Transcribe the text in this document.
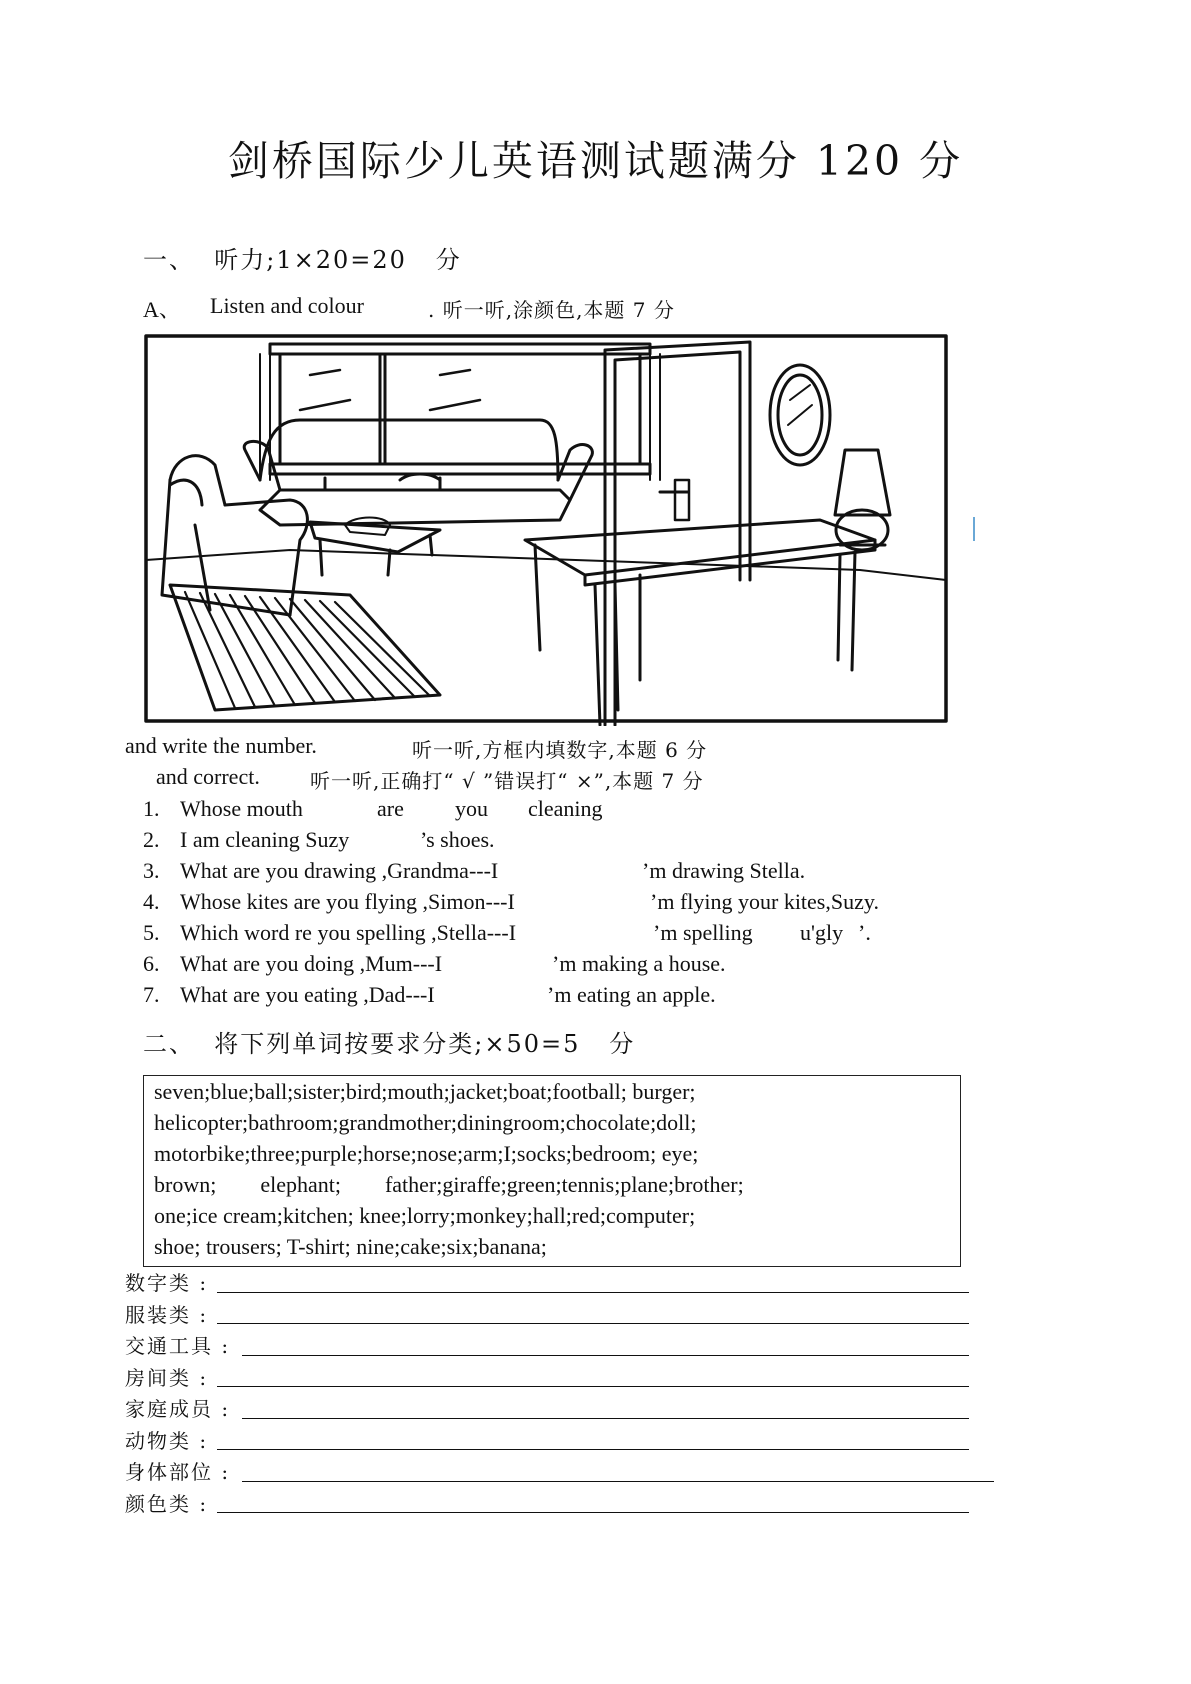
剑桥国际少儿英语测试题满分 120 分
一、  听力;1×20=20   分
A、 Listen and colour	. 听一听,涂颜色,本题 7 分
and write the number.	听一听,方框内填数字,本题 6 分
and correct.	听一听,正确打“ √ ”错误打“ ×”,本题 7 分
1. Whose mouth	are you cleaning
2. I am cleaning Suzy	’s shoes.
3. What are you drawing ,Grandma---I	’m drawing Stella.
4. Whose kites are you flying ,Simon---I	’m flying your kites,Suzy.
5. Which word re you spelling ,Stella---I	’m spelling u'gly ’.
6. What are you doing ,Mum---I	’m making a house.
7. What are you eating ,Dad---I	’m eating an apple.
二、  将下列单词按要求分类;×50=5   分
seven;blue;ball;sister;bird;mouth;jacket;boat;football; burger;
helicopter;bathroom;grandmother;diningroom;chocolate;doll;
motorbike;three;purple;horse;nose;arm;I;socks;bedroom; eye;
brown;        elephant;        father;giraffe;green;tennis;plane;brother;
one;ice cream;kitchen; knee;lorry;monkey;hall;red;computer;
shoe; trousers; T-shirt; nine;cake;six;banana;
数字类 :
服装类 :
交通工具 :
房间类 :
家庭成员 :
动物类 :
身体部位 :
颜色类 :
